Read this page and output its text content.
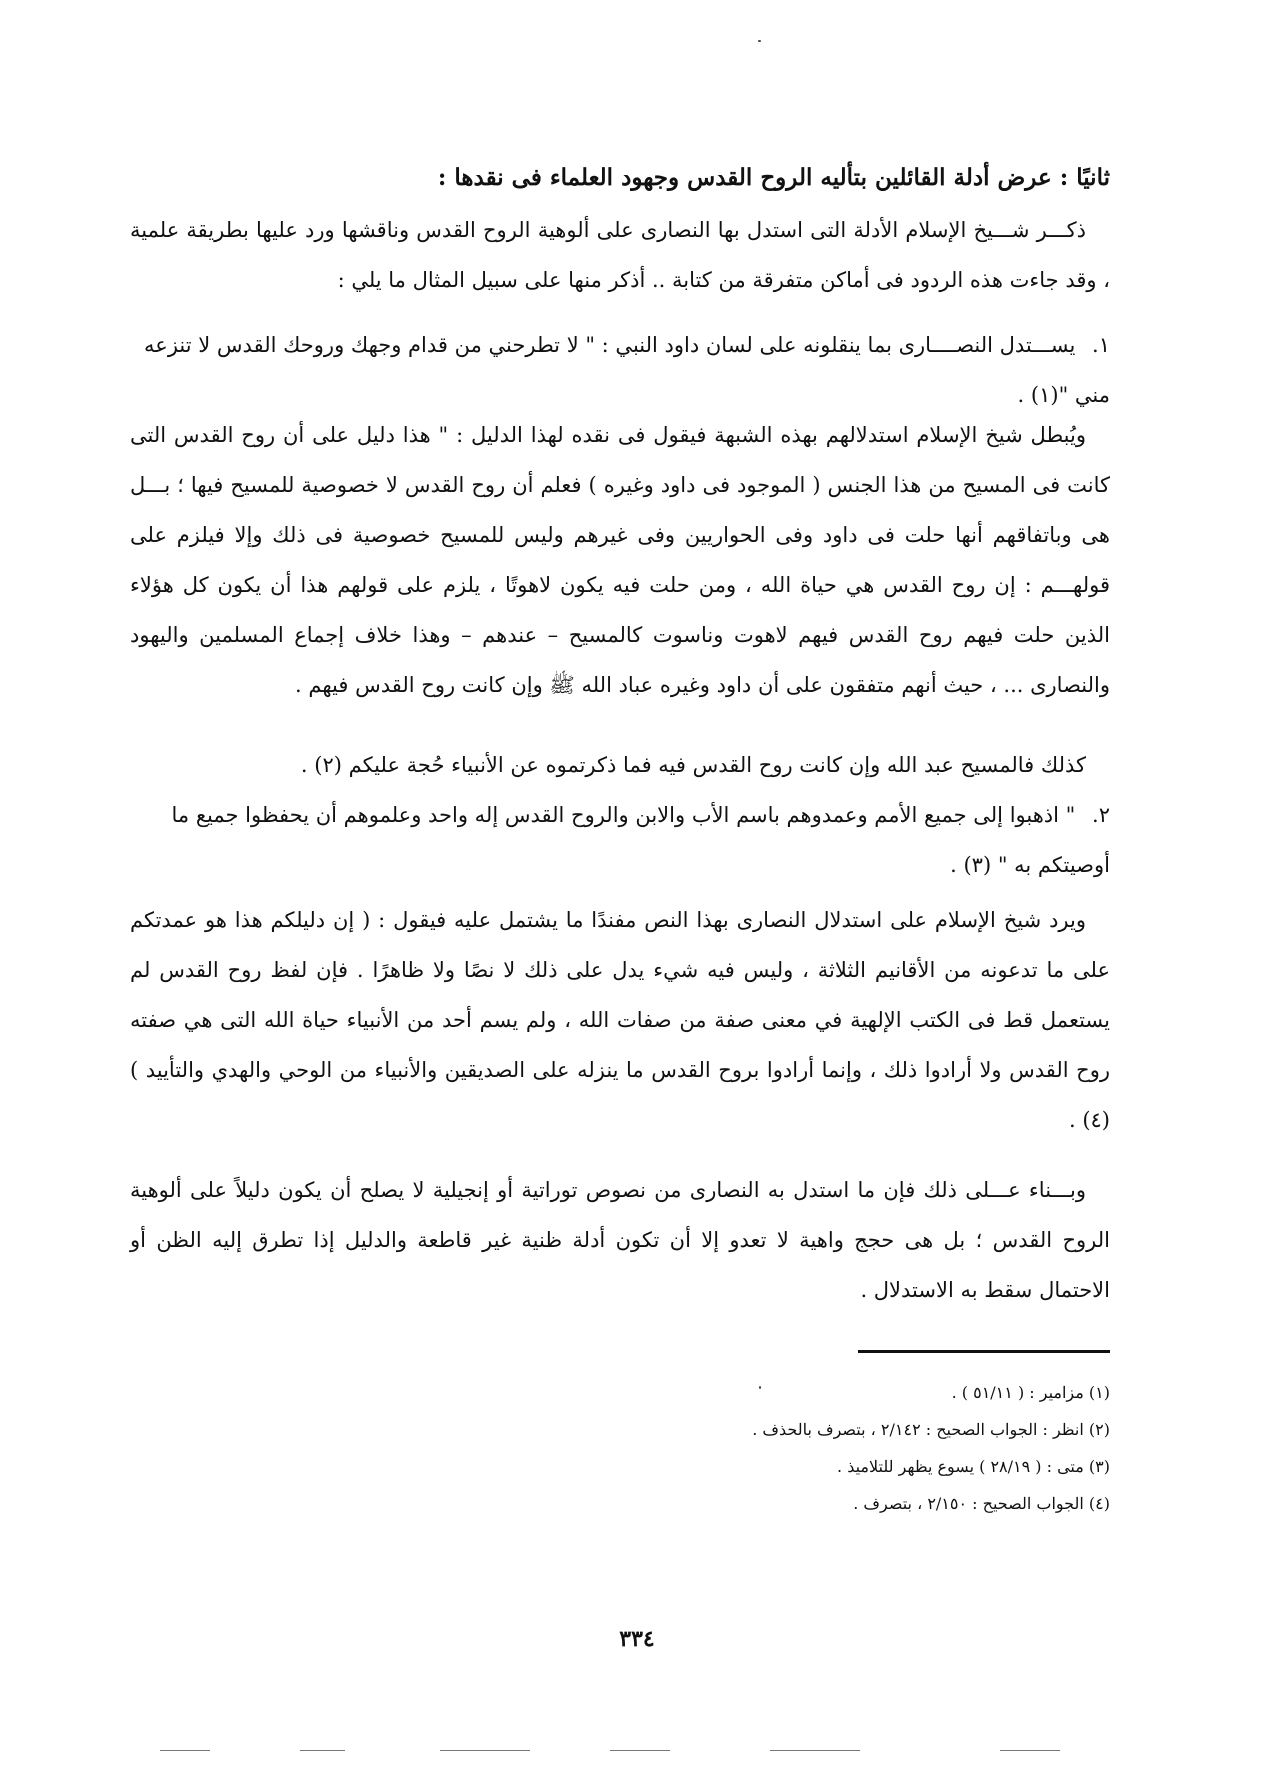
ثانيًا : عرض أدلة القائلين بتأليه الروح القدس وجهود العلماء فى نقدها :
ذكـــر شـــيخ الإسلام الأدلة التى استدل بها النصارى على ألوهية الروح القدس وناقشها ورد عليها بطريقة علمية ، وقد جاءت هذه الردود فى أماكن متفرقة من كتابة .. أذكر منها على سبيل المثال ما يلي :
١. يســـتدل النصــــارى بما ينقلونه على لسان داود النبي : " لا تطرحني من قدام وجهك وروحك القدس لا تنزعه مني "(١) .
ويُبطل شيخ الإسلام استدلالهم بهذه الشبهة فيقول فى نقده لهذا الدليل : " هذا دليل على أن روح القدس التى كانت فى المسيح من هذا الجنس ( الموجود فى داود وغيره ) فعلم أن روح القدس لا خصوصية للمسيح فيها ؛ بـــل هى وباتفاقهم أنها حلت فى داود وفى الحواريين وفى غيرهم وليس للمسيح خصوصية فى ذلك وإلا فيلزم على قولهـــم : إن روح القدس هي حياة الله ، ومن حلت فيه يكون لاهوتًا ، يلزم على قولهم هذا أن يكون كل هؤلاء الذين حلت فيهم روح القدس فيهم لاهوت وناسوت كالمسيح – عندهم – وهذا خلاف إجماع المسلمين واليهود والنصارى ... ، حيث أنهم متفقون على أن داود وغيره عباد الله ﷺ وإن كانت روح القدس فيهم .
كذلك فالمسيح عبد الله وإن كانت روح القدس فيه فما ذكرتموه عن الأنبياء حُجة عليكم (٢) .
٢. " اذهبوا إلى جميع الأمم وعمدوهم باسم الأب والابن والروح القدس إله واحد وعلموهم أن يحفظوا جميع ما أوصيتكم به " (٣) .
ويرد شيخ الإسلام على استدلال النصارى بهذا النص مفندًا ما يشتمل عليه فيقول : ( إن دليلكم هذا هو عمدتكم على ما تدعونه من الأقانيم الثلاثة ، وليس فيه شيء يدل على ذلك لا نصًا ولا ظاهرًا . فإن لفظ روح القدس لم يستعمل قط فى الكتب الإلهية في معنى صفة من صفات الله ، ولم يسم أحد من الأنبياء حياة الله التى هي صفته روح القدس ولا أرادوا ذلك ، وإنما أرادوا بروح القدس ما ينزله على الصديقين والأنبياء من الوحي والهدي والتأييد ) (٤) .
وبـــناء عـــلى ذلك فإن ما استدل به النصارى من نصوص توراتية أو إنجيلية لا يصلح أن يكون دليلاً على ألوهية الروح القدس ؛ بل هى حجج واهية لا تعدو إلا أن تكون أدلة ظنية غير قاطعة والدليل إذا تطرق إليه الظن أو الاحتمال سقط به الاستدلال .
(١) مزامير : ( ٥١/١١ ) .
(٢) انظر : الجواب الصحيح : ٢/١٤٢ ، بتصرف بالحذف .
(٣) متى : ( ٢٨/١٩ ) يسوع يظهر للتلاميذ .
(٤) الجواب الصحيح : ٢/١٥٠ ، بتصرف .
٣٣٤
